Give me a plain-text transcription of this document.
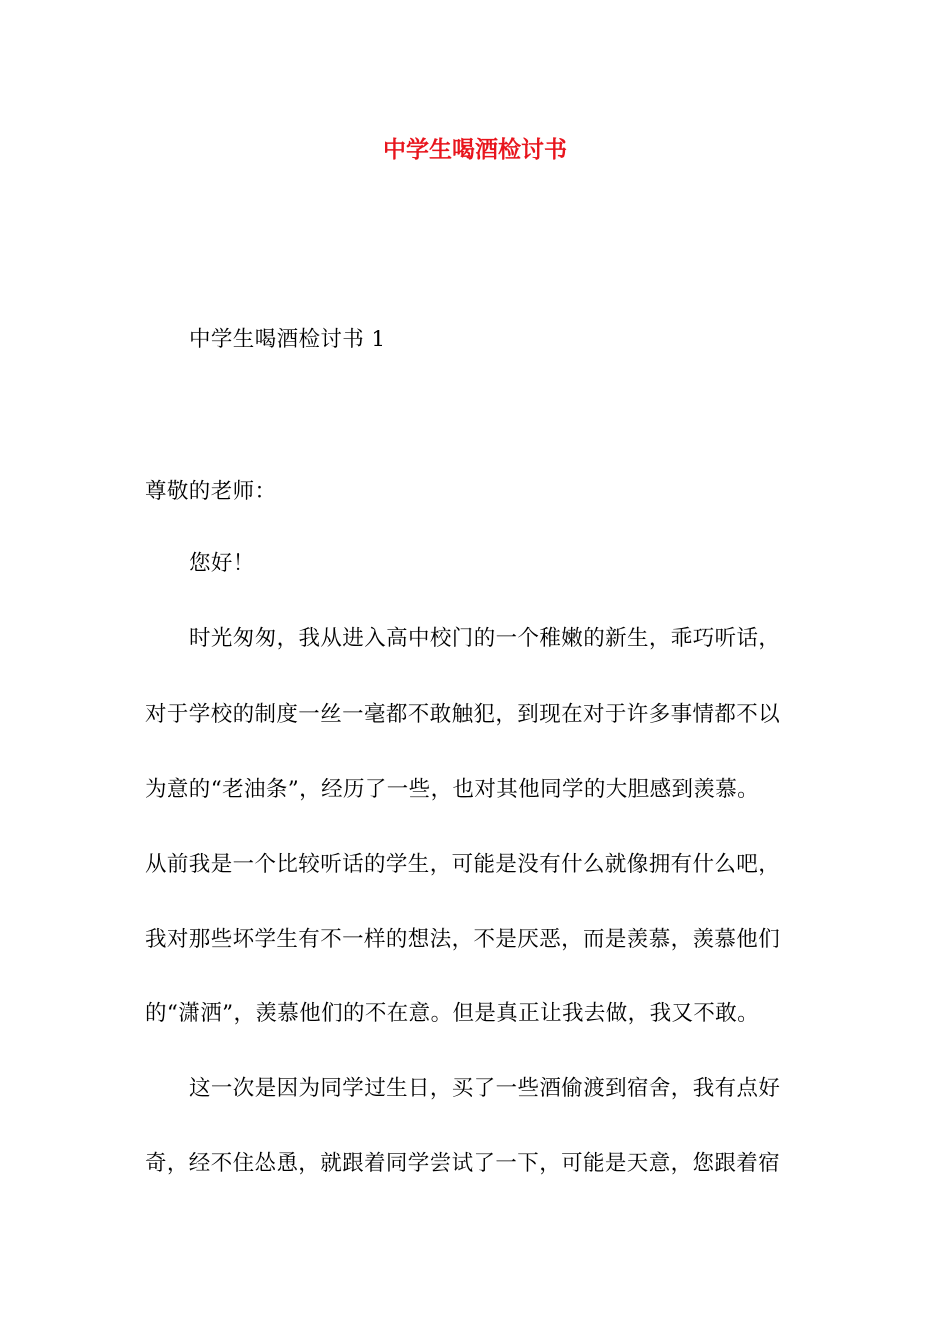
中学生喝酒检讨书
中学生喝酒检讨书 1
尊敬的老师：
您好！
时光匆匆，我从进入高中校门的一个稚嫩的新生，乖巧听话，
对于学校的制度一丝一毫都不敢触犯，到现在对于许多事情都不以
为意的“老油条”，经历了一些，也对其他同学的大胆感到羡慕。
从前我是一个比较听话的学生，可能是没有什么就像拥有什么吧，
我对那些坏学生有不一样的想法，不是厌恶，而是羡慕，羡慕他们
的“潇洒”，羡慕他们的不在意。但是真正让我去做，我又不敢。
这一次是因为同学过生日，买了一些酒偷渡到宿舍，我有点好
奇，经不住怂恿，就跟着同学尝试了一下，可能是天意，您跟着宿
